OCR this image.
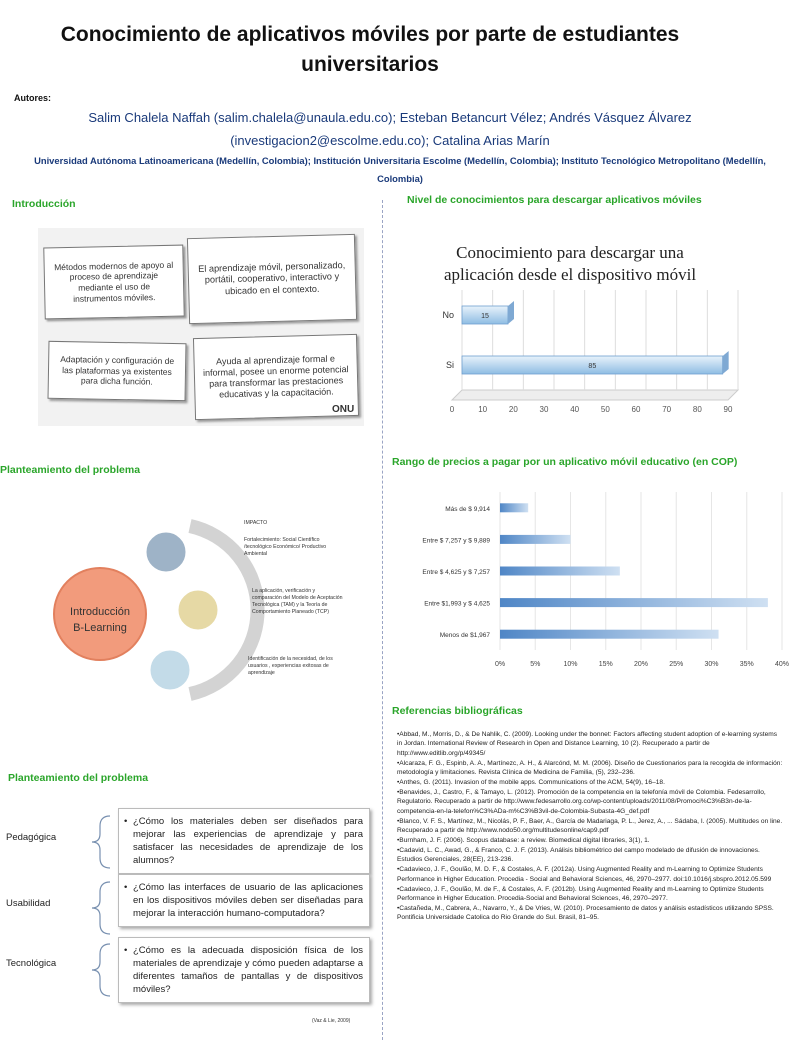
Conocimiento de aplicativos móviles por parte de estudiantes universitarios
Autores:
Salim Chalela Naffah (salim.chalela@unaula.edu.co); Esteban Betancurt Vélez; Andrés Vásquez Álvarez (investigacion2@escolme.edu.co); Catalina Arias Marín
Universidad Autónoma Latinoamericana (Medellín, Colombia); Institución Universitaria Escolme (Medellín, Colombia); Instituto Tecnológico Metropolitano (Medellín, Colombia)
Introducción
Métodos modernos de apoyo al proceso de aprendizaje mediante el uso de instrumentos móviles.
El aprendizaje móvil, personalizado, portátil, cooperativo, interactivo y ubicado en el contexto.
Adaptación y configuración de las plataformas ya existentes para dicha función.
Ayuda al aprendizaje formal e informal, posee un enorme potencial para transformar las prestaciones educativas y la capacitación.
ONU
Planteamiento del problema
Introducción
B-Learning
IMPACTO
Fortalecimiento: Social Científico /tecnológico Económico/ Productivo Ambiental
La aplicación, verificación y comparación del Modelo de Aceptación Tecnológica (TAM) y la Teoría de Comportamiento Planeado (TCP)
Identificación de la necesidad, de los usuarios , experiencias exitosas de aprendizaje
Planteamiento del problema
Pedagógica
Usabilidad
Tecnológica
• ¿Cómo los materiales deben ser diseñados para mejorar las experiencias de aprendizaje y para satisfacer las necesidades de aprendizaje de los alumnos?
• ¿Cómo las interfaces de usuario de las aplicaciones en los dispositivos móviles deben ser diseñadas para mejorar la interacción humano-computadora?
• ¿Cómo es la adecuada disposición física de los materiales de aprendizaje y cómo pueden adaptarse a diferentes tamaños de pantallas y de dispositivos móviles?
(Vaz & Lie, 2009)
Nivel de conocimientos para descargar aplicativos móviles
Conocimiento para descargar una aplicación desde el dispositivo móvil
0	10	20	30	40	50	60	70	80	90
15
No
85
Si
Rango de precios a pagar por un aplicativo móvil educativo (en COP)
0%	5%	10%	15%	20%	25%	30%	35%	40%
Más de $ 9,914
Entre $ 7,257 y $ 9,889
Entre $ 4,625 y $ 7,257
Entre $1,993 y $ 4,625
Menos de $1,967
Referencias bibliográficas

•Abbad, M., Morris, D., & De Nahlik, C. (2009). Looking under the bonnet: Factors affecting student adoption of e-learning systems in Jordan. International Review of Research in Open and Distance Learning, 10 (2). Recuperado a partir de http://www.editlib.org/p/49345/

•Alcaraza, F. G., Espinb, A. A., Martínezc, A. H., & Alarcónd, M. M. (2006). Diseño de Cuestionarios para la recogida de información: metodología y limitaciones. Revista Clínica de Medicina de Familia, (5), 232–236.

•Anthes, G. (2011). Invasion of the mobile apps. Communications of the ACM, 54(9), 16–18.

•Benavides, J., Castro, F., & Tamayo, L. (2012). Promoción de la competencia en la telefonía móvil de Colombia. Fedesarrollo, Regulatorio. Recuperado a partir de http://www.fedesarrollo.org.co/wp-content/uploads/2011/08/Promoci%C3%B3n-de-la-competencia-en-la-telefon%C3%ADa-m%C3%B3vil-de-Colombia-Subasta-4G_def.pdf

•Blanco, V. F. S., Martínez, M., Nicolás, P. F., Baer, A., García de Madariaga, P. L., Jerez, A., ... Sádaba, I. (2005). Multitudes on line. Recuperado a partir de http://www.nodo50.org/multitudesonline/cap9.pdf

•Burnham, J. F. (2006). Scopus database: a review. Biomedical digital libraries, 3(1), 1.

•Cadavid, L. C., Awad, G., & Franco, C. J. F. (2013). Análisis bibliométrico del campo modelado de difusión de innovaciones. Estudios Gerenciales, 28(EE), 213-236.

•Cadavieco, J. F., Goulão, M. D. F., & Costales, A. F. (2012a). Using Augmented Reality and m-Learning to Optimize Students Performance in Higher Education. Procedia - Social and Behavioral Sciences, 46, 2970–2977. doi:10.1016/j.sbspro.2012.05.599

•Cadavieco, J. F., Goulão, M. de F., & Costales, A. F. (2012b). Using Augmented Reality and m-Learning to Optimize Students Performance in Higher Education. Procedia-Social and Behavioral Sciences, 46, 2970–2977.

•Castañeda, M., Cabrera, A., Navarro, Y., & De Vries, W. (2010). Procesamiento de datos y análisis estadísticos utilizando SPSS. Pontificia Universidade Catolica do Rio Grande do Sul. Brasil, 81–95.
